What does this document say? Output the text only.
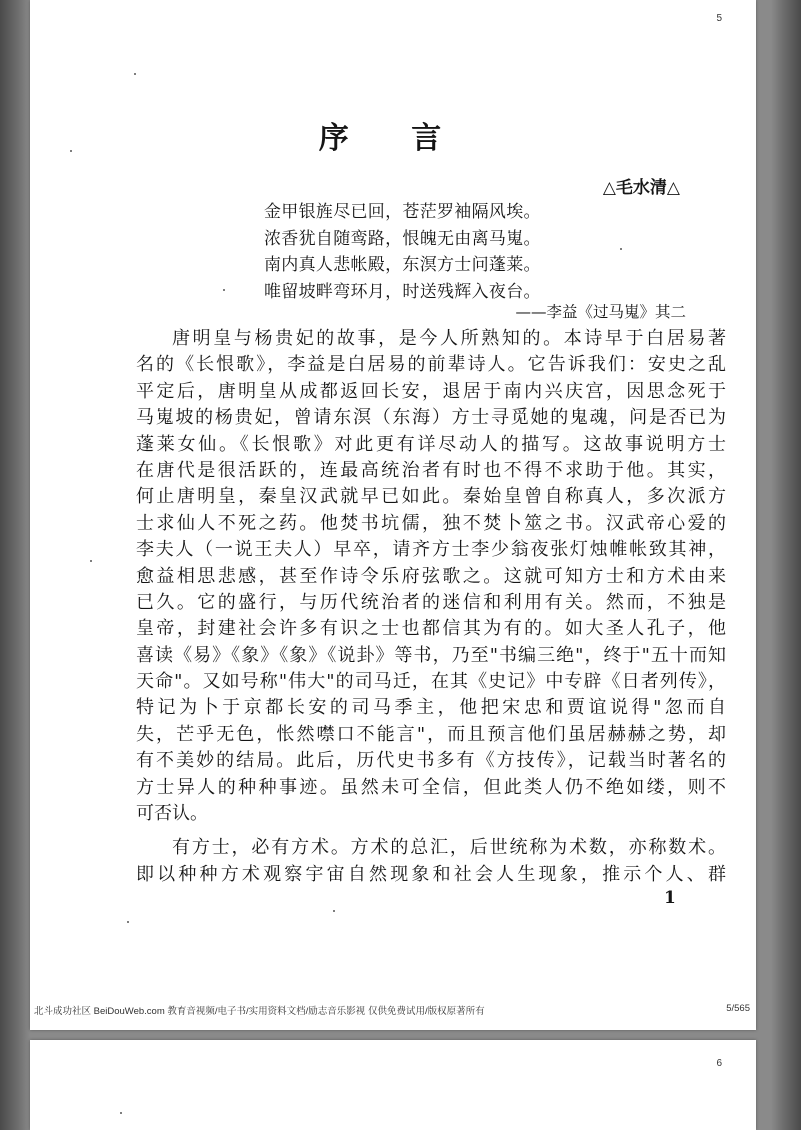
5
序 言
△毛水清△
金甲银旌尽已回，苍茫罗袖隔风埃。
浓香犹自随鸾路，恨魄无由离马嵬。
南内真人悲帐殿，东溟方士问蓬莱。
唯留坡畔弯环月，时送残辉入夜台。
——李益《过马嵬》其二
唐明皇与杨贵妃的故事，是今人所熟知的。本诗早于白居易著
名的《长恨歌》，李益是白居易的前辈诗人。它告诉我们：安史之乱
平定后，唐明皇从成都返回长安，退居于南内兴庆宫，因思念死于
马嵬坡的杨贵妃，曾请东溟（东海）方士寻觅她的鬼魂，问是否已为
蓬莱女仙。《长恨歌》对此更有详尽动人的描写。这故事说明方士
在唐代是很活跃的，连最高统治者有时也不得不求助于他。其实，
何止唐明皇，秦皇汉武就早已如此。秦始皇曾自称真人，多次派方
士求仙人不死之药。他焚书坑儒，独不焚卜筮之书。汉武帝心爱的
李夫人（一说王夫人）早卒，请齐方士李少翁夜张灯烛帷帐致其神，
愈益相思悲感，甚至作诗令乐府弦歌之。这就可知方士和方术由来
已久。它的盛行，与历代统治者的迷信和利用有关。然而，不独是
皇帝，封建社会许多有识之士也都信其为有的。如大圣人孔子，他
喜读《易》《象》《象》《说卦》等书，乃至"书编三绝"，终于"五十而知
天命"。又如号称"伟大"的司马迁，在其《史记》中专辟《日者列传》，
特记为卜于京都长安的司马季主，他把宋忠和贾谊说得"忽而自
失，芒乎无色，怅然噤口不能言"，而且预言他们虽居赫赫之势，却
有不美妙的结局。此后，历代史书多有《方技传》，记载当时著名的
方士异人的种种事迹。虽然未可全信，但此类人仍不绝如缕，则不
可否认。
有方士，必有方术。方术的总汇，后世统称为术数，亦称数术。
即以种种方术观察宇宙自然现象和社会人生现象，推示个人、群
1
北斗成功社区 BeiDouWeb.com 教育音视频/电子书/实用资料文档/励志音乐影视 仅供免费试用/版权原著所有	5/565
6
